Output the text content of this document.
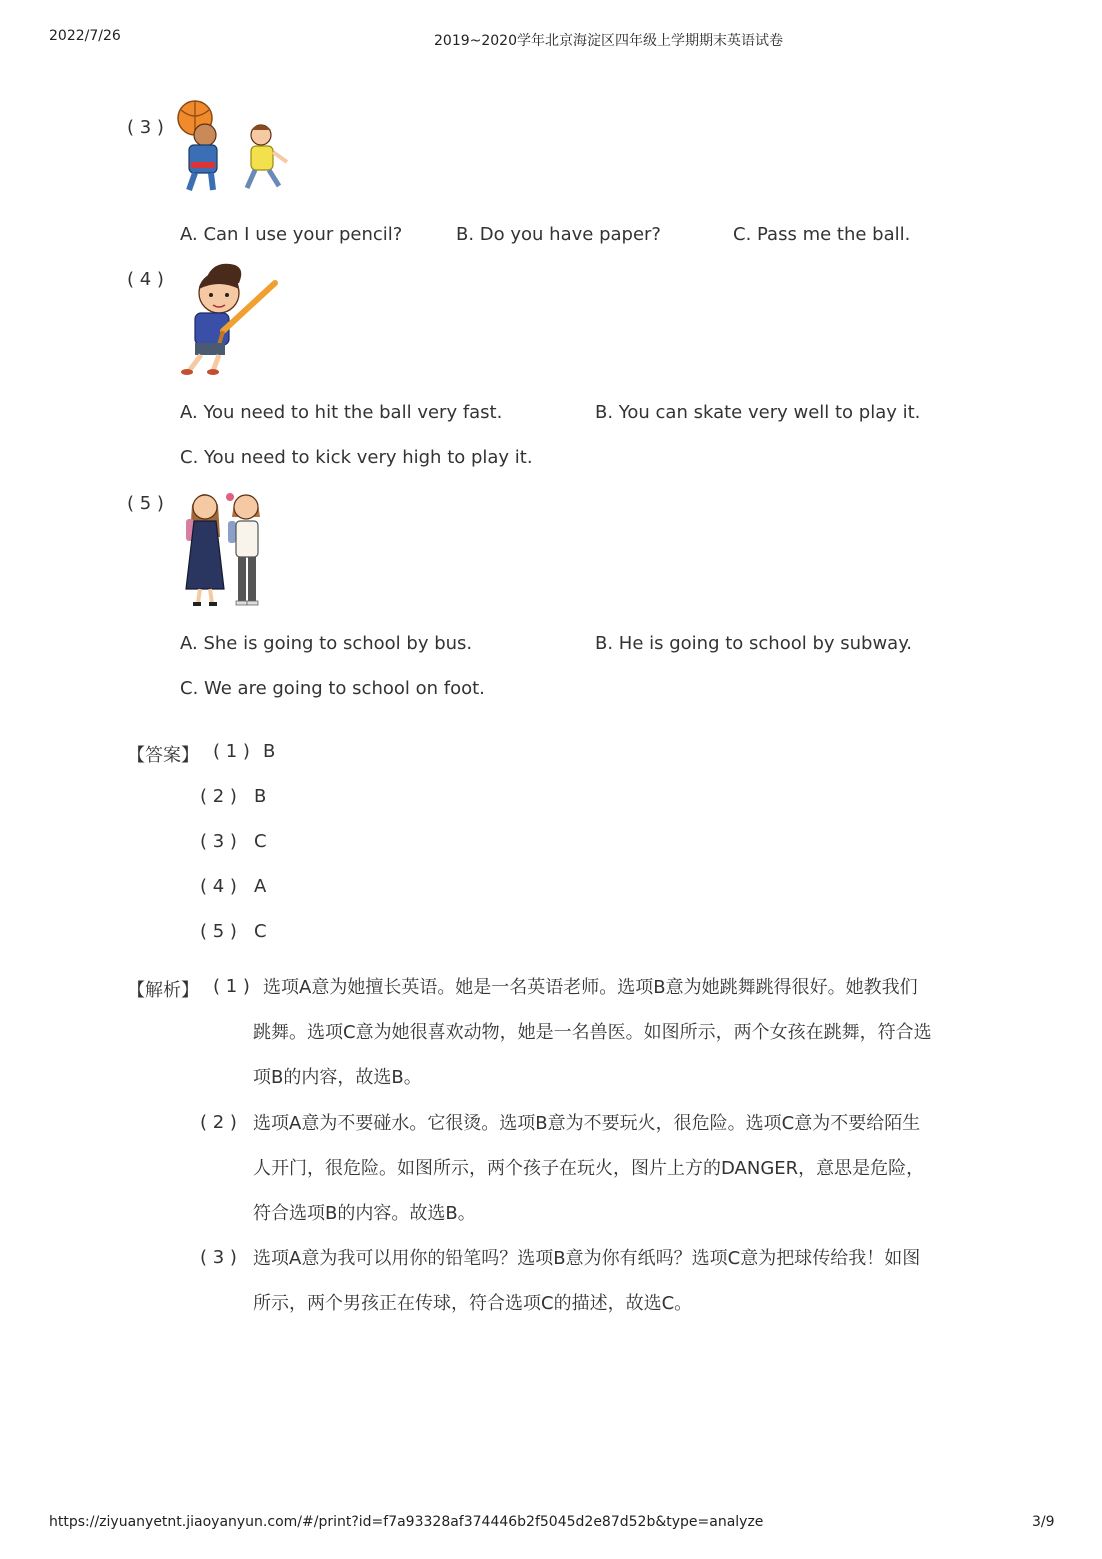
2022/7/26	2019~2020学年北京海淀区四年级上学期期末英语试卷
( 3 )
A. Can I use your pencil?	B. Do you have paper?	C. Pass me the ball.
( 4 )
A. You need to hit the ball very fast.	B. You can skate very well to play it.
C. You need to kick very high to play it.
( 5 )
A. She is going to school by bus.	B. He is going to school by subway.
C. We are going to school on foot.
【答案】 ( 1 ) B
( 2 ) B
( 3 ) C
( 4 ) A
( 5 ) C
【解析】 ( 1 ) 选项A意为她擅长英语。她是一名英语老师。选项B意为她跳舞跳得很好。她教我们
跳舞。选项C意为她很喜欢动物，她是一名兽医。如图所示，两个女孩在跳舞，符合选
项B的内容，故选B。
( 2 ) 选项A意为不要碰水。它很烫。选项B意为不要玩火，很危险。选项C意为不要给陌生
人开门，很危险。如图所示，两个孩子在玩火，图片上方的DANGER，意思是危险，
符合选项B的内容。故选B。
( 3 ) 选项A意为我可以用你的铅笔吗？选项B意为你有纸吗？选项C意为把球传给我！如图
所示，两个男孩正在传球，符合选项C的描述，故选C。
https://ziyuanyetnt.jiaoyanyun.com/#/print?id=f7a93328af374446b2f5045d2e87d52b&type=analyze	3/9
